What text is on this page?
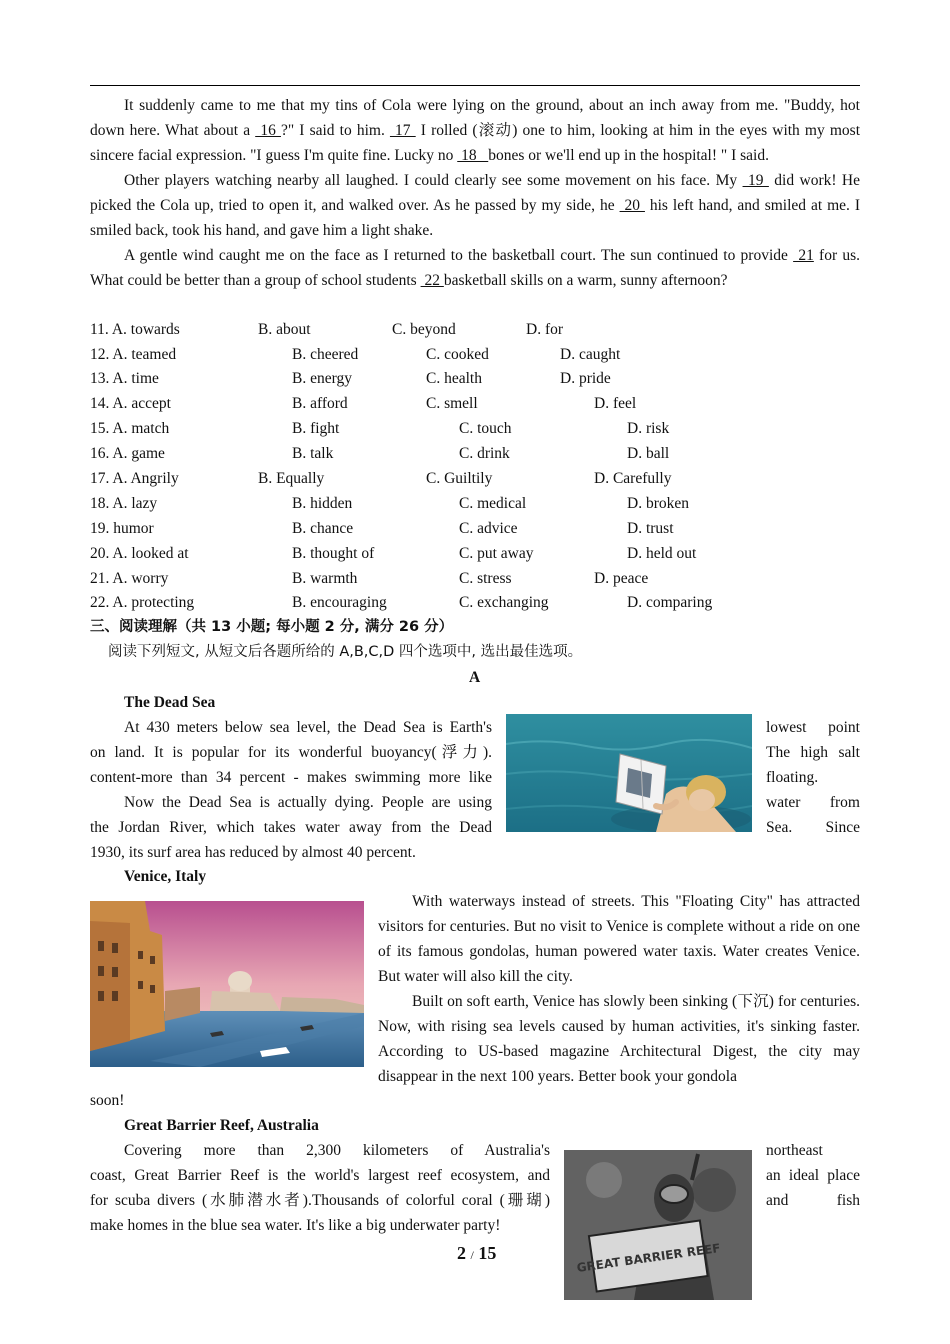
It suddenly came to me that my tins of Cola were lying on the ground, about an inch away from me. "Buddy, hot down here. What about a  16 ?" I said to him.  17  I rolled (滚动) one to him, looking at him in the eyes with my most sincere facial expression. "I guess I'm quite fine. Lucky no  18   bones or we'll end up in the hospital! " I said.

Other players watching nearby all laughed. I could clearly see some movement on his face. My  19  did work! He picked the Cola up, tried to open it, and walked over. As he passed by my side, he  20  his left hand, and smiled at me. I smiled back, took his hand, and gave him a light shake.

A gentle wind caught me on the face as I returned to the basketball court. The sun continued to provide  21 for us. What could be better than a group of school students  22 basketball skills on a warm, sunny afternoon?

11. A. towards	B. about	C. beyond	D. for
12. A. teamed	B. cheered	C. cooked	D. caught
13. A. time	B. energy	C. health	D. pride
14. A. accept	B. afford	C. smell	D. feel
15. A. match	B. fight	C. touch	D. risk
16. A. game	B. talk	C. drink	D. ball
17. A. Angrily	B. Equally	C. Guiltily	D. Carefully
18. A. lazy	B. hidden	C. medical	D. broken
19. humor	B. chance	C. advice	D. trust
20. A. looked at	B. thought of	C. put away	D. held out
21. A. worry	B. warmth	C. stress	D. peace
22. A. protecting	B. encouraging	C. exchanging	D. comparing
三、阅读理解（共 13 小题; 每小题 2 分, 满分 26 分）
阅读下列短文, 从短文后各题所给的 A,B,C,D 四个选项中, 选出最佳选项。
A
The Dead Sea
At 430 meters below sea level, the Dead Sea is Earth's	lowest point
on land. It is popular for its wonderful buoyancy(浮力).	The high salt
content-more than 34 percent - makes swimming more like	floating.
Now the Dead Sea is actually dying. People are using	water from
the Jordan River, which takes water away from the Dead	Sea. Since
1930, its surf area has reduced by almost 40 percent.
Venice, Italy

With waterways instead of streets. This "Floating City" has attracted visitors for centuries. But no visit to Venice is complete without a ride on one of its famous gondolas, human powered water taxis. Water creates Venice. But water will also kill the city.

Built on soft earth, Venice has slowly been sinking (下沉) for centuries. Now, with rising sea levels caused by human activities, it's sinking faster. According to US-based magazine Architectural Digest, the city may disappear in the next 100 years. Better book your gondola

soon!
Great Barrier Reef, Australia
Covering more than 2,300 kilometers of Australia's	northeast
coast, Great Barrier Reef is the world's largest reef ecosystem, and	an ideal place
for scuba divers (水肺潜水者).Thousands of colorful coral (珊瑚)	and fish
make homes in the blue sea water. It's like a big underwater party!
GREAT BARRIER REEF
2 / 15
